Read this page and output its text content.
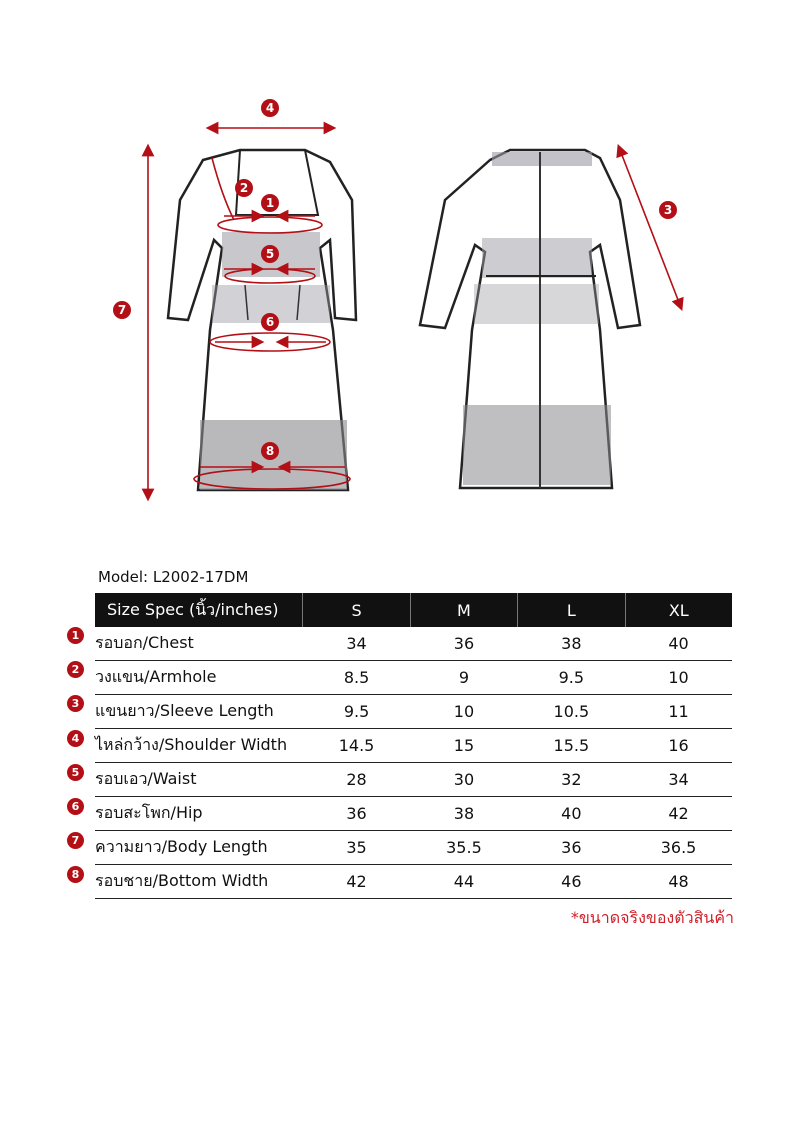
4
1
2
5
6
8
7
3
Model: L2002-17DM
1
2
3
4
5
6
7
8
Size Spec (นิ้ว/inches)	S	M	L	XL
รอบอก/Chest	34	36	38	40
วงแขน/Armhole	8.5	9	9.5	10
แขนยาว/Sleeve Length	9.5	10	10.5	11
ไหล่กว้าง/Shoulder Width	14.5	15	15.5	16
รอบเอว/Waist	28	30	32	34
รอบสะโพก/Hip	36	38	40	42
ความยาว/Body Length	35	35.5	36	36.5
รอบชาย/Bottom Width	42	44	46	48
*ขนาดจริงของตัวสินค้า
